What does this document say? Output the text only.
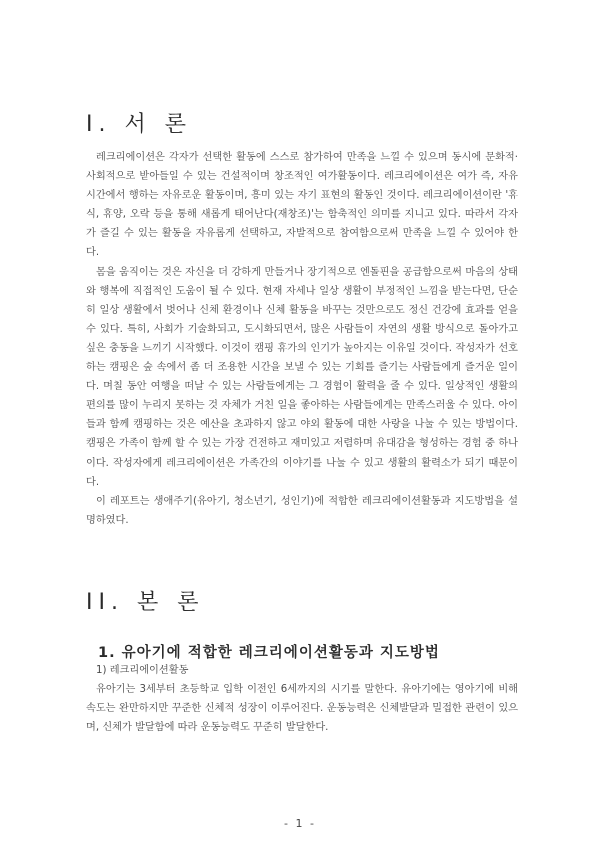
I. 서 론

레크리에이션은 각자가 선택한 활동에 스스로 참가하여 만족을 느낄 수 있으며 동시에 문화적·사회적으로 받아들일 수 있는 건설적이며 창조적인 여가활동이다. 레크리에이션은 여가 즉, 자유 시간에서 행하는 자유로운 활동이며, 흥미 있는 자기 표현의 활동인 것이다. 레크리에이션이란 '휴식, 휴양, 오락 등을 통해 새롭게 태어난다(재창조)'는 함축적인 의미를 지니고 있다. 따라서 각자가 즐길 수 있는 활동을 자유롭게 선택하고, 자발적으로 참여함으로써 만족을 느낄 수 있어야 한다.

몸을 움직이는 것은 자신을 더 강하게 만들거나 장기적으로 엔돌핀을 공급함으로써 마음의 상태와 행복에 직접적인 도움이 될 수 있다. 현재 자세나 일상 생활이 부정적인 느낌을 받는다면, 단순히 일상 생활에서 벗어나 신체 환경이나 신체 활동을 바꾸는 것만으로도 정신 건강에 효과를 얻을 수 있다. 특히, 사회가 기술화되고, 도시화되면서, 많은 사람들이 자연의 생활 방식으로 돌아가고 싶은 충동을 느끼기 시작했다. 이것이 캠핑 휴가의 인기가 높아지는 이유일 것이다. 작성자가 선호하는 캠핑은 숲 속에서 좀 더 조용한 시간을 보낼 수 있는 기회를 즐기는 사람들에게 즐거운 일이다. 며칠 동안 여행을 떠날 수 있는 사람들에게는 그 경험이 활력을 줄 수 있다. 일상적인 생활의 편의를 많이 누리지 못하는 것 자체가 거친 일을 좋아하는 사람들에게는 만족스러울 수 있다. 아이들과 함께 캠핑하는 것은 예산을 초과하지 않고 야외 활동에 대한 사랑을 나눌 수 있는 방법이다. 캠핑은 가족이 함께 할 수 있는 가장 건전하고 재미있고 저렴하며 유대감을 형성하는 경험 중 하나이다. 작성자에게 레크리에이션은 가족간의 이야기를 나눌 수 있고 생활의 활력소가 되기 때문이다.

이 레포트는 생애주기(유아기, 청소년기, 성인기)에 적합한 레크리에이션활동과 지도방법을 설명하였다.

II. 본 론
1. 유아기에 적합한 레크리에이션활동과 지도방법

1) 레크리에이션활동

유아기는 3세부터 초등학교 입학 이전인 6세까지의 시기를 말한다. 유아기에는 영아기에 비해 속도는 완만하지만 꾸준한 신체적 성장이 이루어진다. 운동능력은 신체발달과 밀접한 관련이 있으며, 신체가 발달함에 따라 운동능력도 꾸준히 발달한다.

- 1 -
